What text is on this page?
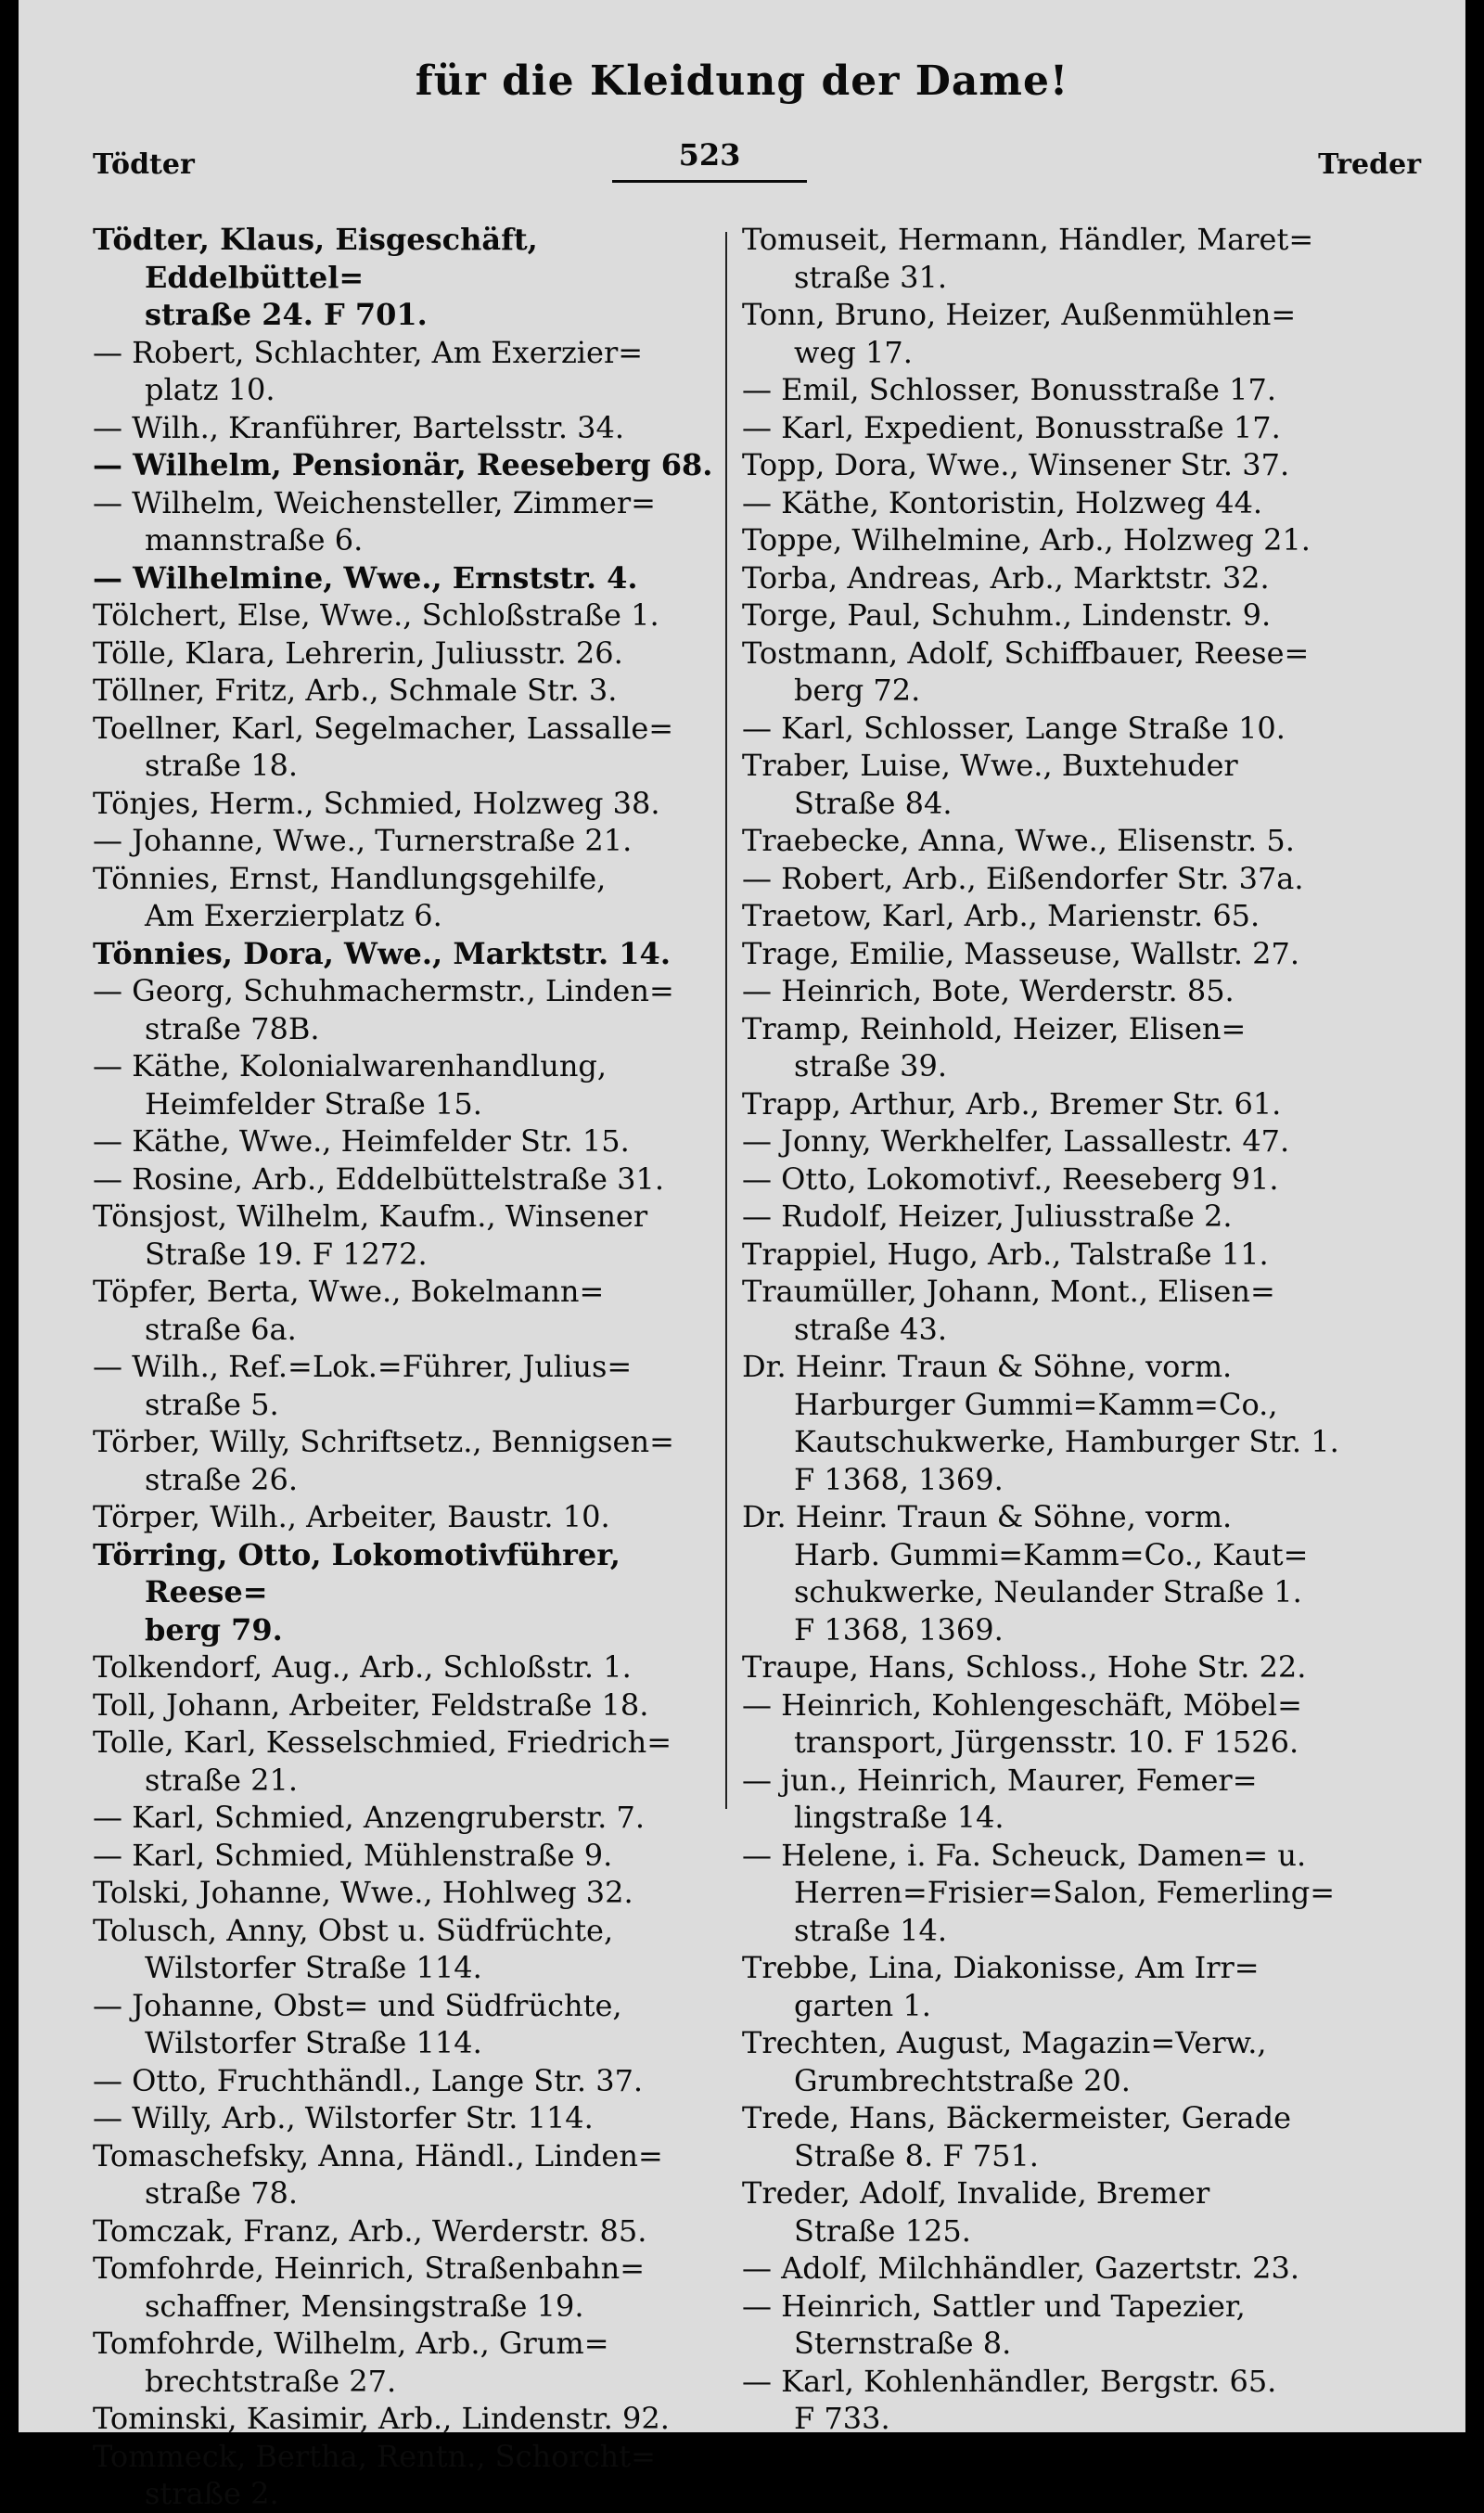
für die Kleidung der Dame!
Tödter	523	Treder

Tödter, Klaus, Eisgeschäft, Eddelbüttel=
straße 24. F 701.

— Robert, Schlachter, Am Exerzier=
platz 10.

— Wilh., Kranführer, Bartelsstr. 34.

— Wilhelm, Pensionär, Reeseberg 68.

— Wilhelm, Weichensteller, Zimmer=
mannstraße 6.

— Wilhelmine, Wwe., Ernststr. 4.

Tölchert, Else, Wwe., Schloßstraße 1.

Tölle, Klara, Lehrerin, Juliusstr. 26.

Töllner, Fritz, Arb., Schmale Str. 3.

Toellner, Karl, Segelmacher, Lassalle=
straße 18.

Tönjes, Herm., Schmied, Holzweg 38.

— Johanne, Wwe., Turnerstraße 21.

Tönnies, Ernst, Handlungsgehilfe,
Am Exerzierplatz 6.

Tönnies, Dora, Wwe., Marktstr. 14.

— Georg, Schuhmachermstr., Linden=
straße 78B.

— Käthe, Kolonialwarenhandlung,
Heimfelder Straße 15.

— Käthe, Wwe., Heimfelder Str. 15.

— Rosine, Arb., Eddelbüttelstraße 31.

Tönsjost, Wilhelm, Kaufm., Winsener
Straße 19. F 1272.

Töpfer, Berta, Wwe., Bokelmann=
straße 6a.

— Wilh., Ref.=Lok.=Führer, Julius=
straße 5.

Törber, Willy, Schriftsetz., Bennigsen=
straße 26.

Törper, Wilh., Arbeiter, Baustr. 10.

Törring, Otto, Lokomotivführer, Reese=
berg 79.

Tolkendorf, Aug., Arb., Schloßstr. 1.

Toll, Johann, Arbeiter, Feldstraße 18.

Tolle, Karl, Kesselschmied, Friedrich=
straße 21.

— Karl, Schmied, Anzengruberstr. 7.

— Karl, Schmied, Mühlenstraße 9.

Tolski, Johanne, Wwe., Hohlweg 32.

Tolusch, Anny, Obst u. Südfrüchte,
Wilstorfer Straße 114.

— Johanne, Obst= und Südfrüchte,
Wilstorfer Straße 114.

— Otto, Fruchthändl., Lange Str. 37.

— Willy, Arb., Wilstorfer Str. 114.

Tomaschefsky, Anna, Händl., Linden=
straße 78.

Tomczak, Franz, Arb., Werderstr. 85.

Tomfohrde, Heinrich, Straßenbahn=
schaffner, Mensingstraße 19.

Tomfohrde, Wilhelm, Arb., Grum=
brechtstraße 27.

Tominski, Kasimir, Arb., Lindenstr. 92.

Tommeck, Bertha, Rentn., Schorcht=
straße 2.

Tomuseit, Hermann, Händler, Maret=
straße 31.

Tonn, Bruno, Heizer, Außenmühlen=
weg 17.

— Emil, Schlosser, Bonusstraße 17.

— Karl, Expedient, Bonusstraße 17.

Topp, Dora, Wwe., Winsener Str. 37.

— Käthe, Kontoristin, Holzweg 44.

Toppe, Wilhelmine, Arb., Holzweg 21.

Torba, Andreas, Arb., Marktstr. 32.

Torge, Paul, Schuhm., Lindenstr. 9.

Tostmann, Adolf, Schiffbauer, Reese=
berg 72.

— Karl, Schlosser, Lange Straße 10.

Traber, Luise, Wwe., Buxtehuder
Straße 84.

Traebecke, Anna, Wwe., Elisenstr. 5.

— Robert, Arb., Eißendorfer Str. 37a.

Traetow, Karl, Arb., Marienstr. 65.

Trage, Emilie, Masseuse, Wallstr. 27.

— Heinrich, Bote, Werderstr. 85.

Tramp, Reinhold, Heizer, Elisen=
straße 39.

Trapp, Arthur, Arb., Bremer Str. 61.

— Jonny, Werkhelfer, Lassallestr. 47.

— Otto, Lokomotivf., Reeseberg 91.

— Rudolf, Heizer, Juliusstraße 2.

Trappiel, Hugo, Arb., Talstraße 11.

Traumüller, Johann, Mont., Elisen=
straße 43.

Dr. Heinr. Traun & Söhne, vorm.
Harburger Gummi=Kamm=Co.,
Kautschukwerke, Hamburger Str. 1.
F 1368, 1369.

Dr. Heinr. Traun & Söhne, vorm.
Harb. Gummi=Kamm=Co., Kaut=
schukwerke, Neulander Straße 1.
F 1368, 1369.

Traupe, Hans, Schloss., Hohe Str. 22.

— Heinrich, Kohlengeschäft, Möbel=
transport, Jürgensstr. 10. F 1526.

— jun., Heinrich, Maurer, Femer=
lingstraße 14.

— Helene, i. Fa. Scheuck, Damen= u.
Herren=Frisier=Salon, Femerling=
straße 14.

Trebbe, Lina, Diakonisse, Am Irr=
garten 1.

Trechten, August, Magazin=Verw.,
Grumbrechtstraße 20.

Trede, Hans, Bäckermeister, Gerade
Straße 8. F 751.

Treder, Adolf, Invalide, Bremer
Straße 125.

— Adolf, Milchhändler, Gazertstr. 23.

— Heinrich, Sattler und Tapezier,
Sternstraße 8.

— Karl, Kohlenhändler, Bergstr. 65.
F 733.
